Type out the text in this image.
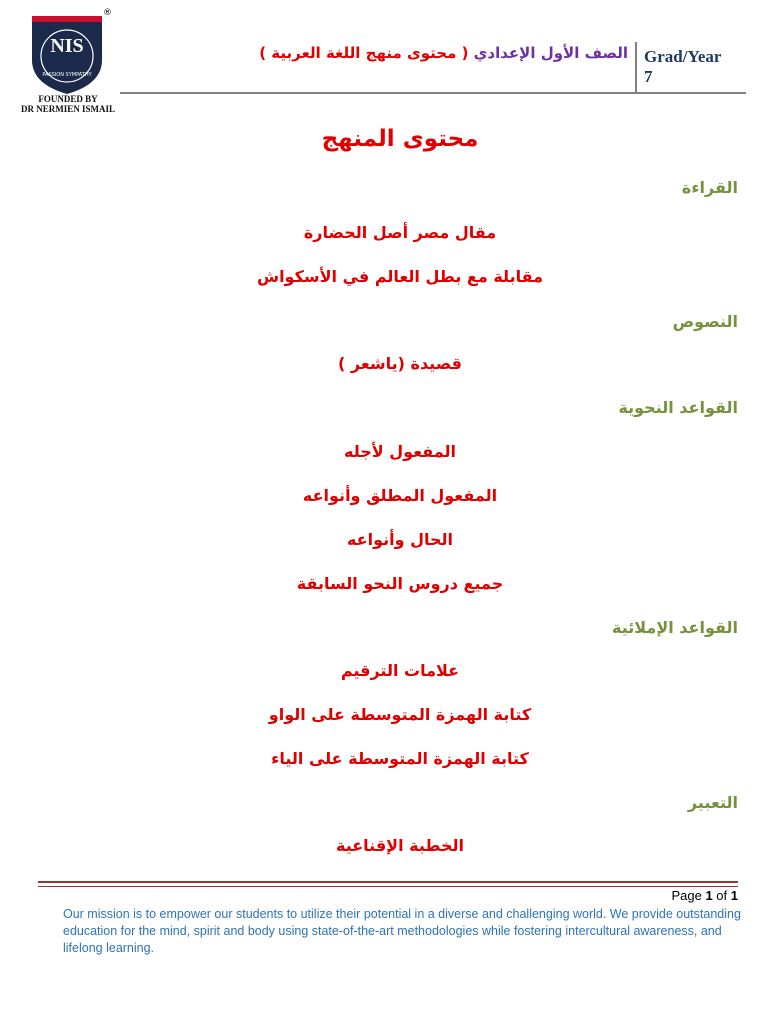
NIS
PASSION SYMPATHY
®
FOUNDED BY
DR NERMIEN ISMAIL
الصف الأول الإعدادي ( محتوى منهج اللغة العربية )	Grad/Year
7
محتوى المنهج
القراءة
مقال مصر أصل الحضارة
مقابلة مع بطل العالم في الأسكواش
النصوص
قصيدة (ياشعر )
القواعد النحوية
المفعول لأجله
المفعول المطلق وأنواعه
الحال وأنواعه
جميع دروس النحو السابقة
القواعد الإملائية
علامات الترقيم
كتابة الهمزة المتوسطة على الواو
كتابة الهمزة المتوسطة على الياء
التعبير
الخطبة الإقناعية
Page 1 of 1
Our mission is to empower our students to utilize their potential in a diverse and challenging world. We provide outstanding education for the mind, spirit and body using state-of-the-art methodologies while fostering intercultural awareness, and lifelong learning.
